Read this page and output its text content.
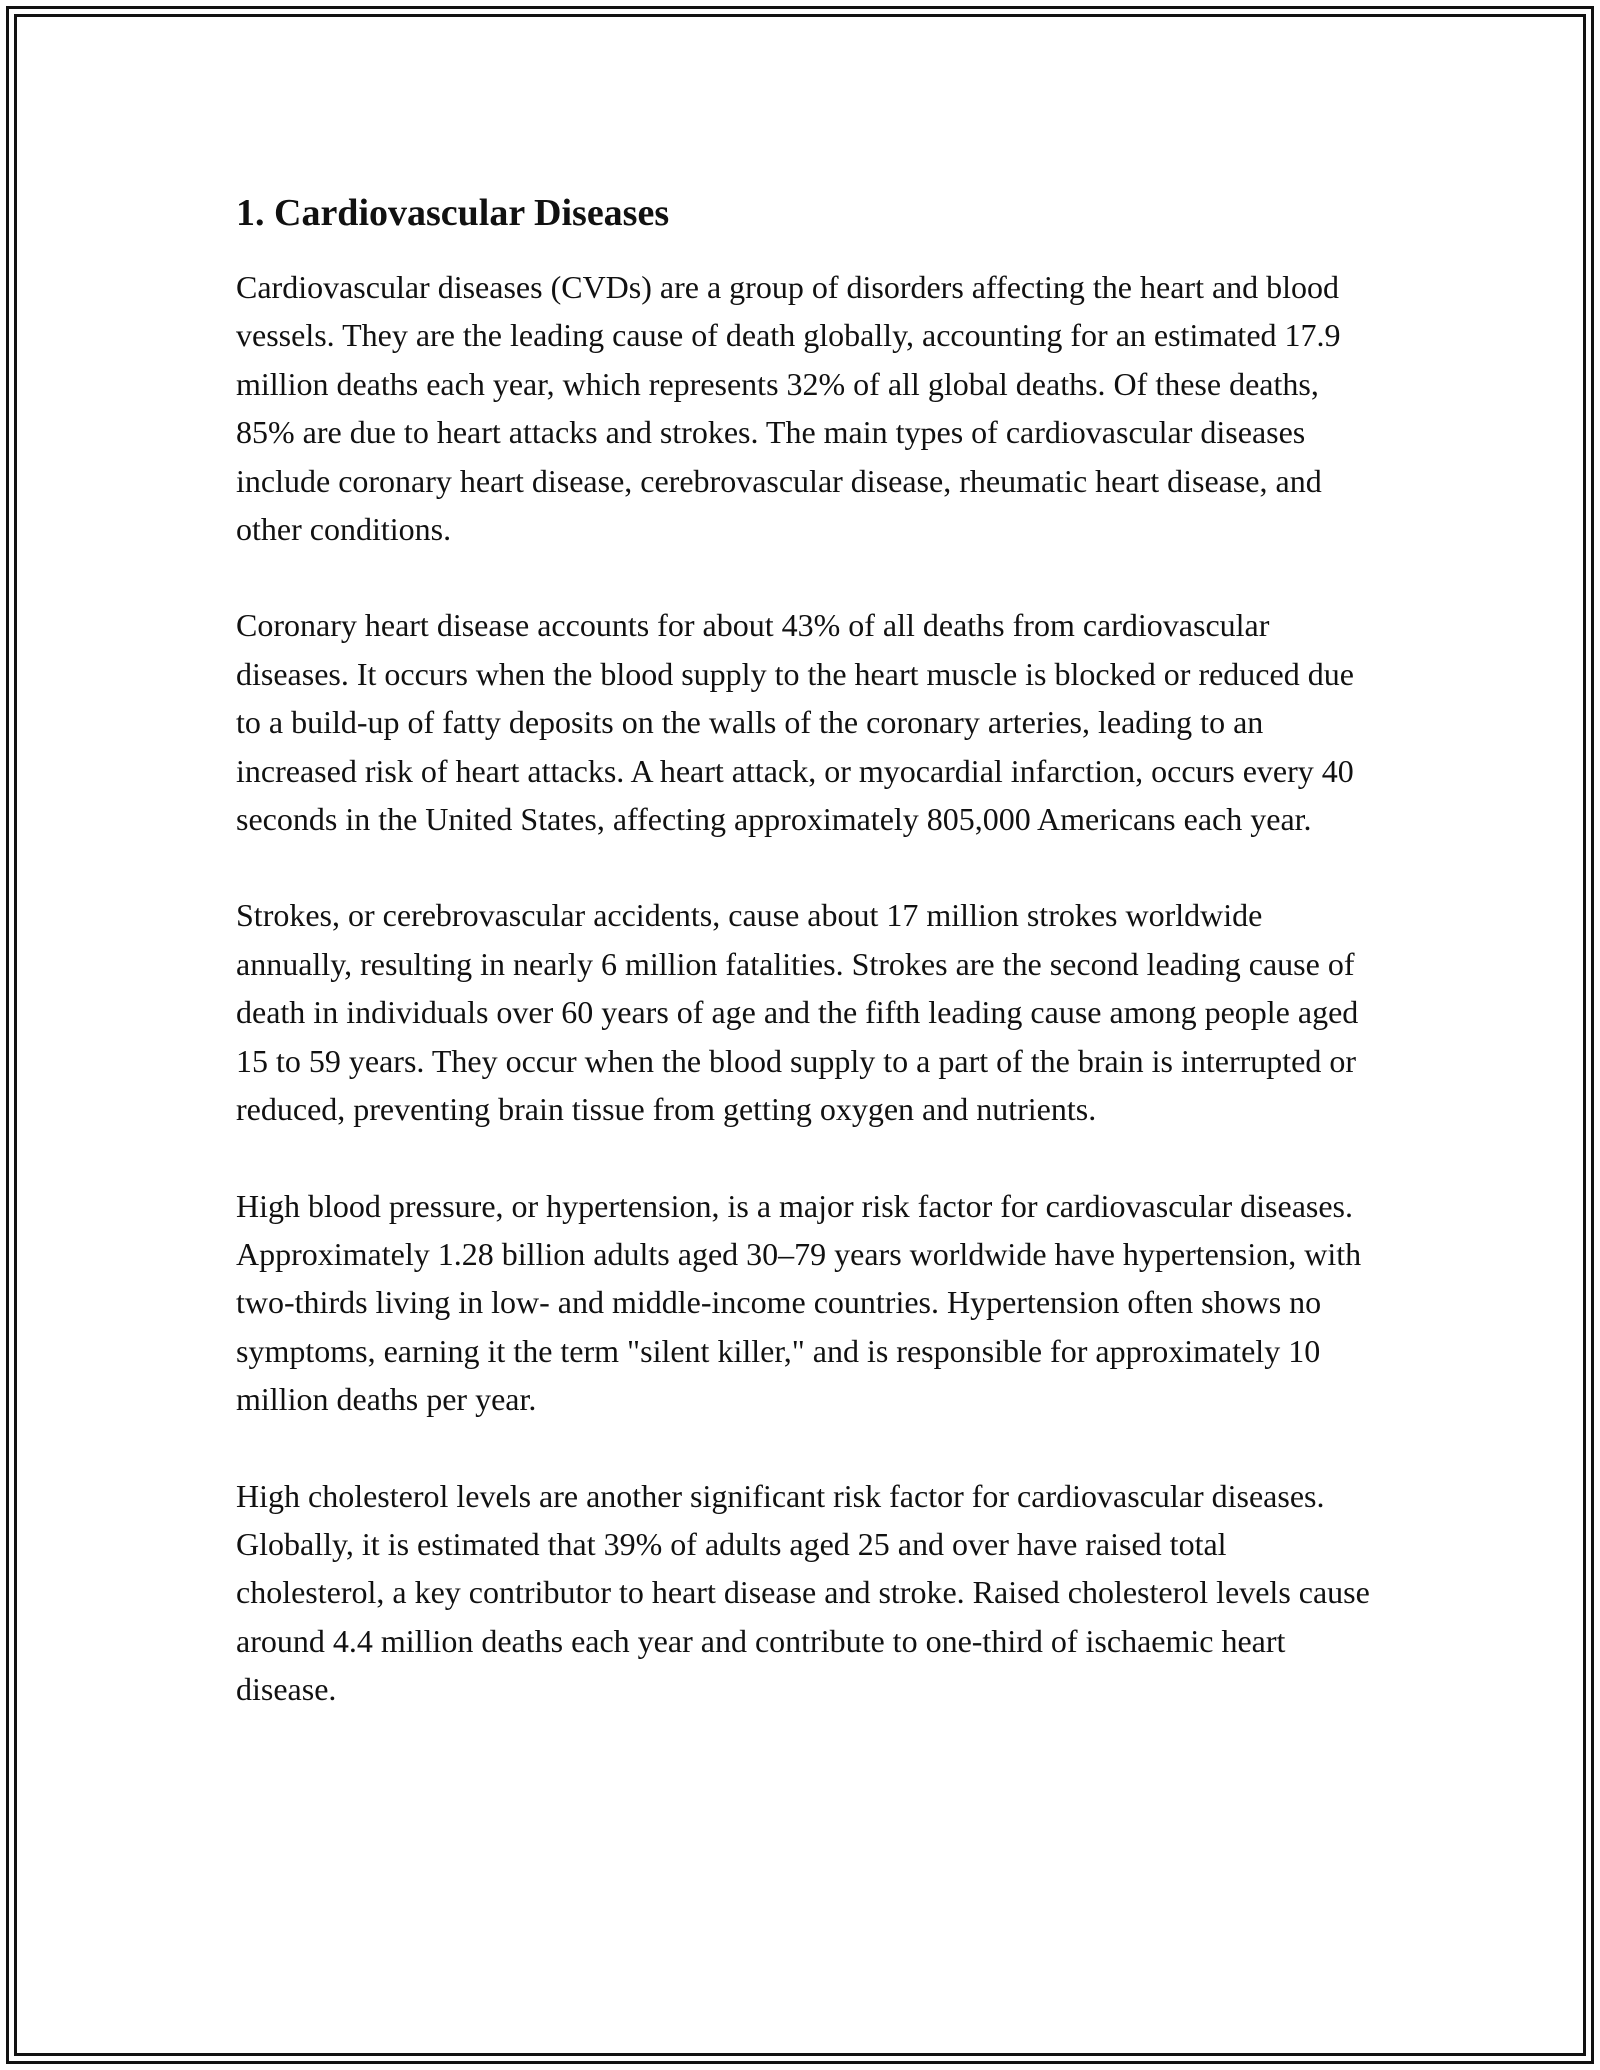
1. Cardiovascular Diseases

Cardiovascular diseases (CVDs) are a group of disorders affecting the heart and blood vessels. They are the leading cause of death globally, accounting for an estimated 17.9 million deaths each year, which represents 32% of all global deaths. Of these deaths, 85% are due to heart attacks and strokes. The main types of cardiovascular diseases include coronary heart disease, cerebrovascular disease, rheumatic heart disease, and other conditions.

Coronary heart disease accounts for about 43% of all deaths from cardiovascular diseases. It occurs when the blood supply to the heart muscle is blocked or reduced due to a build-up of fatty deposits on the walls of the coronary arteries, leading to an increased risk of heart attacks. A heart attack, or myocardial infarction, occurs every 40 seconds in the United States, affecting approximately 805,000 Americans each year.

Strokes, or cerebrovascular accidents, cause about 17 million strokes worldwide annually, resulting in nearly 6 million fatalities. Strokes are the second leading cause of death in individuals over 60 years of age and the fifth leading cause among people aged 15 to 59 years. They occur when the blood supply to a part of the brain is interrupted or reduced, preventing brain tissue from getting oxygen and nutrients.

High blood pressure, or hypertension, is a major risk factor for cardiovascular diseases. Approximately 1.28 billion adults aged 30–79 years worldwide have hypertension, with two-thirds living in low- and middle-income countries. Hypertension often shows no symptoms, earning it the term "silent killer," and is responsible for approximately 10 million deaths per year.

High cholesterol levels are another significant risk factor for cardiovascular diseases. Globally, it is estimated that 39% of adults aged 25 and over have raised total cholesterol, a key contributor to heart disease and stroke. Raised cholesterol levels cause around 4.4 million deaths each year and contribute to one-third of ischaemic heart disease.
